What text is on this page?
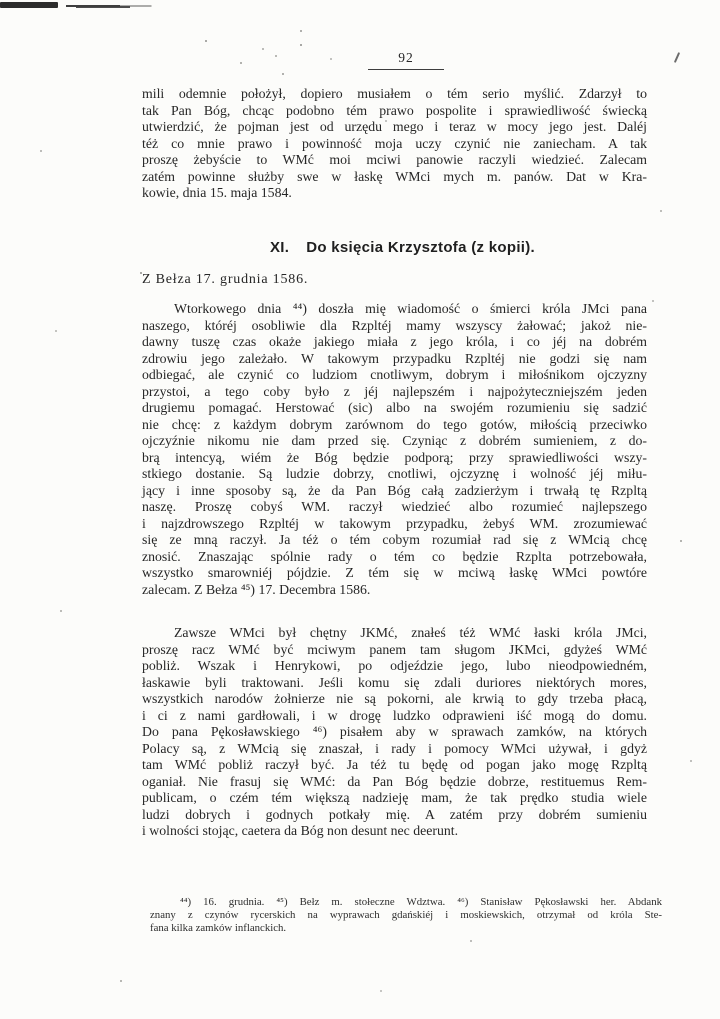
92
mili odemnie położył, dopiero musiałem o tém serio myślić. Zdarzył to
tak Pan Bóg, chcąc podobno tém prawo pospolite i sprawiedliwość świecką
utwierdzić, że pojman jest od urzędu mego i teraz w mocy jego jest. Daléj
téż co mnie prawo i powinność moja uczy czynić nie zaniecham. A tak
proszę żebyście to WMć moi mciwi panowie raczyli wiedzieć. Zalecam
zatém powinne służby swe w łaskę WMci mych m. panów. Dat w Kra-
kowie, dnia 15. maja 1584.
XI. Do księcia Krzysztofa (z kopii).
Z Bełza 17. grudnia 1586.
Wtorkowego dnia ⁴⁴) doszła mię wiadomość o śmierci króla JMci pana
naszego, któréj osobliwie dla Rzpltéj mamy wszyscy żałować; jakoż nie-
dawny tuszę czas okaże jakiego miała z jego króla, i co jéj na dobrém
zdrowiu jego zależało. W takowym przypadku Rzpltéj nie godzi się nam
odbiegać, ale czynić co ludziom cnotliwym, dobrym i miłośnikom ojczyzny
przystoi, a tego coby było z jéj najlepszém i najpożyteczniejszém jeden
drugiemu pomagać. Herstować (sic) albo na swojém rozumieniu się sadzić
nie chcę: z każdym dobrym zarównom do tego gotów, miłością przeciwko
ojczyźnie nikomu nie dam przed się. Czyniąc z dobrém sumieniem, z do-
brą intencyą, wiém że Bóg będzie podporą; przy sprawiedliwości wszy-
stkiego dostanie. Są ludzie dobrzy, cnotliwi, ojczyznę i wolność jéj miłu-
jący i inne sposoby są, że da Pan Bóg całą zadzierżym i trwałą tę Rzpltą
naszę. Proszę cobyś WM. raczył wiedzieć albo rozumieć najlepszego
i najzdrowszego Rzpltéj w takowym przypadku, żebyś WM. zrozumiewać
się ze mną raczył. Ja téż o tém cobym rozumiał rad się z WMcią chcę
znosić. Znaszając spólnie rady o tém co będzie Rzplta potrzebowała,
wszystko smarowniéj pójdzie. Z tém się w mciwą łaskę WMci powtóre
zalecam. Z Bełza ⁴⁵) 17. Decembra 1586.
Zawsze WMci był chętny JKMć, znałeś téż WMć łaski króla JMci,
proszę racz WMć być mciwym panem tam sługom JKMci, gdyżeś WMć
pobliż. Wszak i Henrykowi, po odjeździe jego, lubo nieodpowiedném,
łaskawie byli traktowani. Jeśli komu się zdali duriores niektórych mores,
wszystkich narodów żołnierze nie są pokorni, ale krwią to gdy trzeba płacą,
i ci z nami gardłowali, i w drogę ludzko odprawieni iść mogą do domu.
Do pana Pękosławskiego ⁴⁶) pisałem aby w sprawach zamków, na których
Polacy są, z WMcią się znaszał, i rady i pomocy WMci używał, i gdyż
tam WMć pobliż raczył być. Ja téż tu będę od pogan jako mogę Rzpltą
oganiał. Nie frasuj się WMć: da Pan Bóg będzie dobrze, restituemus Rem-
publicam, o czém tém większą nadzieję mam, że tak prędko studia wiele
ludzi dobrych i godnych potkały mię. A zatém przy dobrém sumieniu
i wolności stojąc, caetera da Bóg non desunt nec deerunt.
⁴⁴) 16. grudnia. ⁴⁵) Bełz m. stołeczne Wdztwa. ⁴⁶) Stanisław Pękosławski her. Abdank
znany z czynów rycerskich na wyprawach gdańskiéj i moskiewskich, otrzymał od króla Ste-
fana kilka zamków inflanckich.
